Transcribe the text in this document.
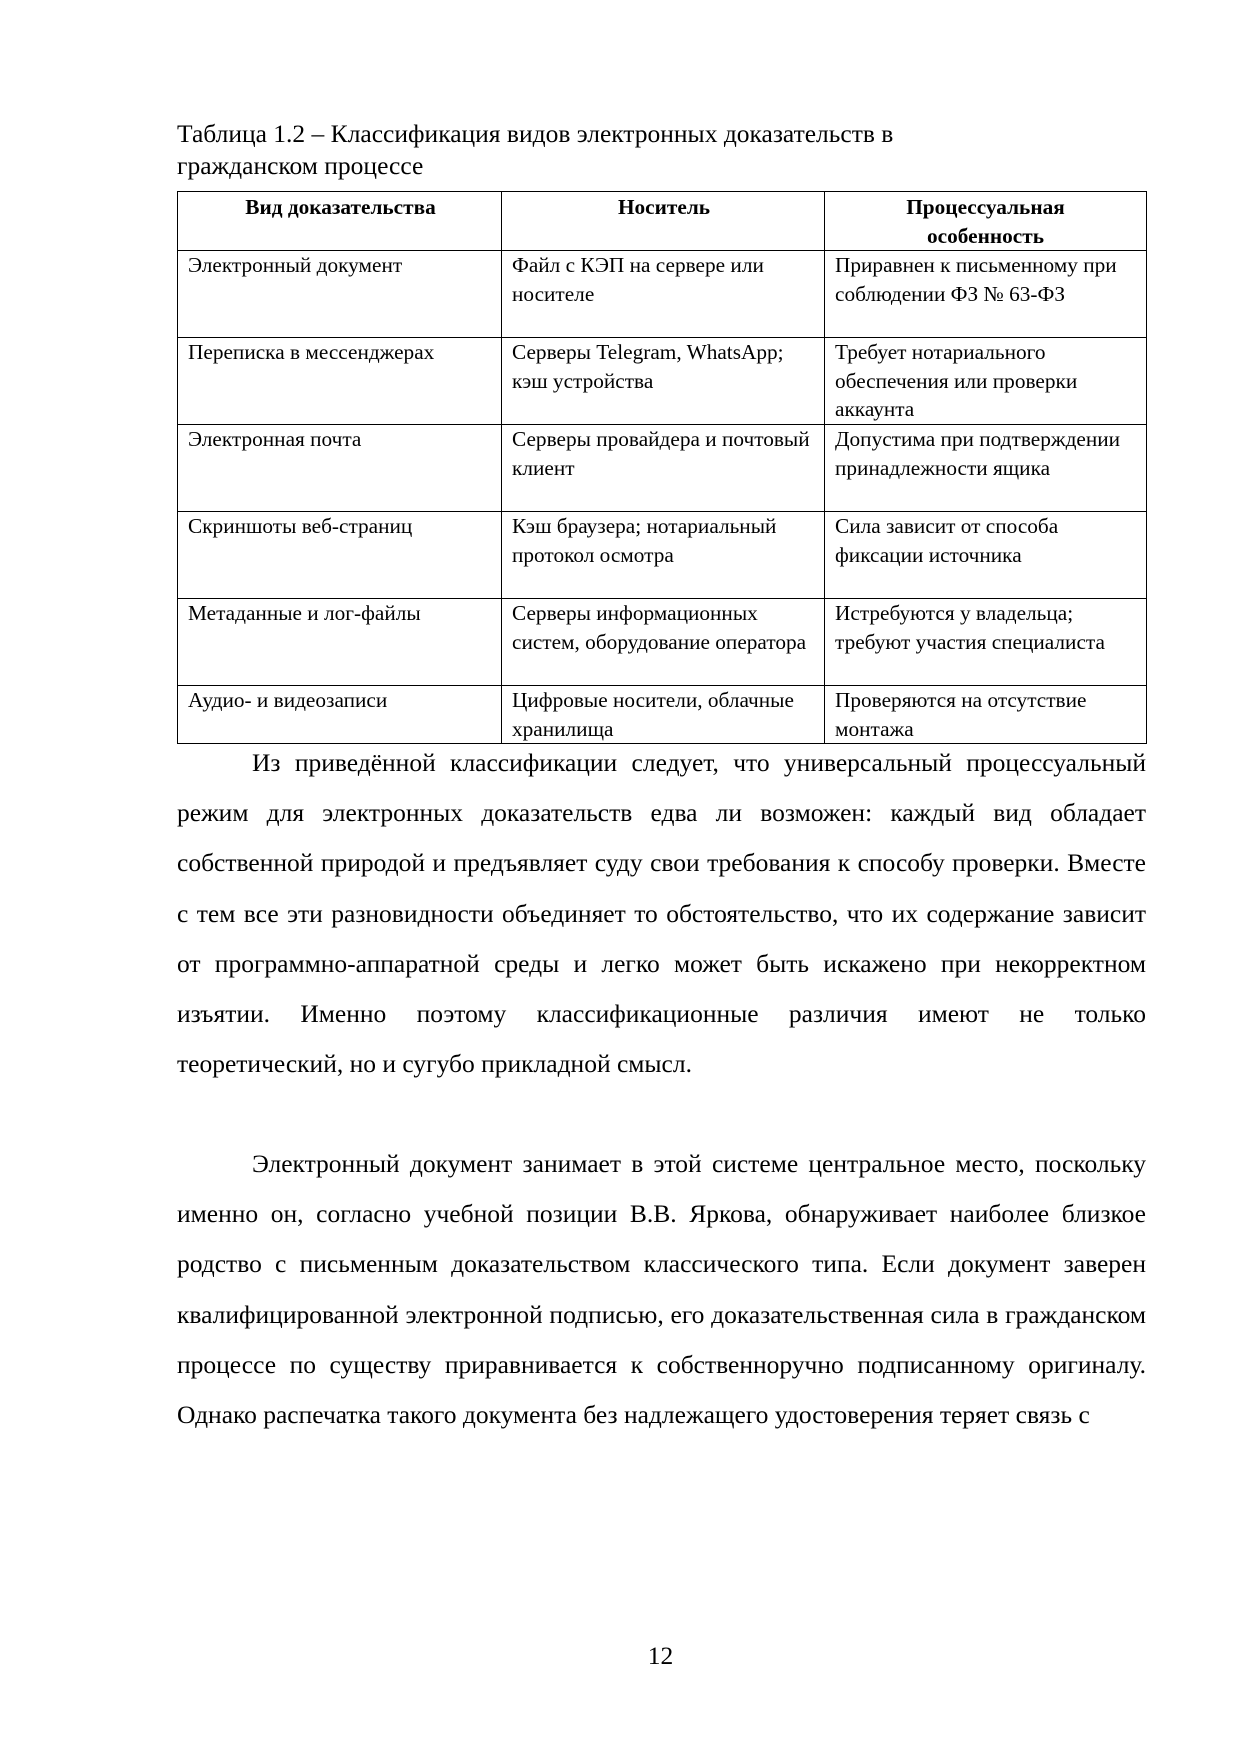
Таблица 1.2 – Классификация видов электронных доказательств в
гражданском процессе
Вид доказательства	Носитель	Процессуальная особенность
Электронный документ	Файл с КЭП на сервере или носителе	Приравнен к письменному при соблюдении ФЗ № 63-ФЗ
Переписка в мессенджерах	Серверы Telegram, WhatsApp; кэш устройства	Требует нотариального обеспечения или проверки аккаунта
Электронная почта	Серверы провайдера и почтовый клиент	Допустима при подтверждении принадлежности ящика
Скриншоты веб-страниц	Кэш браузера; нотариальный протокол осмотра	Сила зависит от способа фиксации источника
Метаданные и лог-файлы	Серверы информационных систем, оборудование оператора	Истребуются у владельца; требуют участия специалиста
Аудио- и видеозаписи	Цифровые носители, облачные хранилища	Проверяются на отсутствие монтажа

Из приведённой классификации следует, что универсальный процессуальный режим для электронных доказательств едва ли возможен: каждый вид обладает собственной природой и предъявляет суду свои требования к способу проверки. Вместе с тем все эти разновидности объединяет то обстоятельство, что их содержание зависит от программно-аппаратной среды и легко может быть искажено при некорректном изъятии. Именно поэтому классификационные различия имеют не только теоретический, но и сугубо прикладной смысл.

Электронный документ занимает в этой системе центральное место, поскольку именно он, согласно учебной позиции В.В. Яркова, обнаруживает наиболее близкое родство с письменным доказательством классического типа. Если документ заверен квалифицированной электронной подписью, его доказательственная сила в гражданском процессе по существу приравнивается к собственноручно подписанному оригиналу. Однако распечатка такого документа без надлежащего удостоверения теряет связь с

12
